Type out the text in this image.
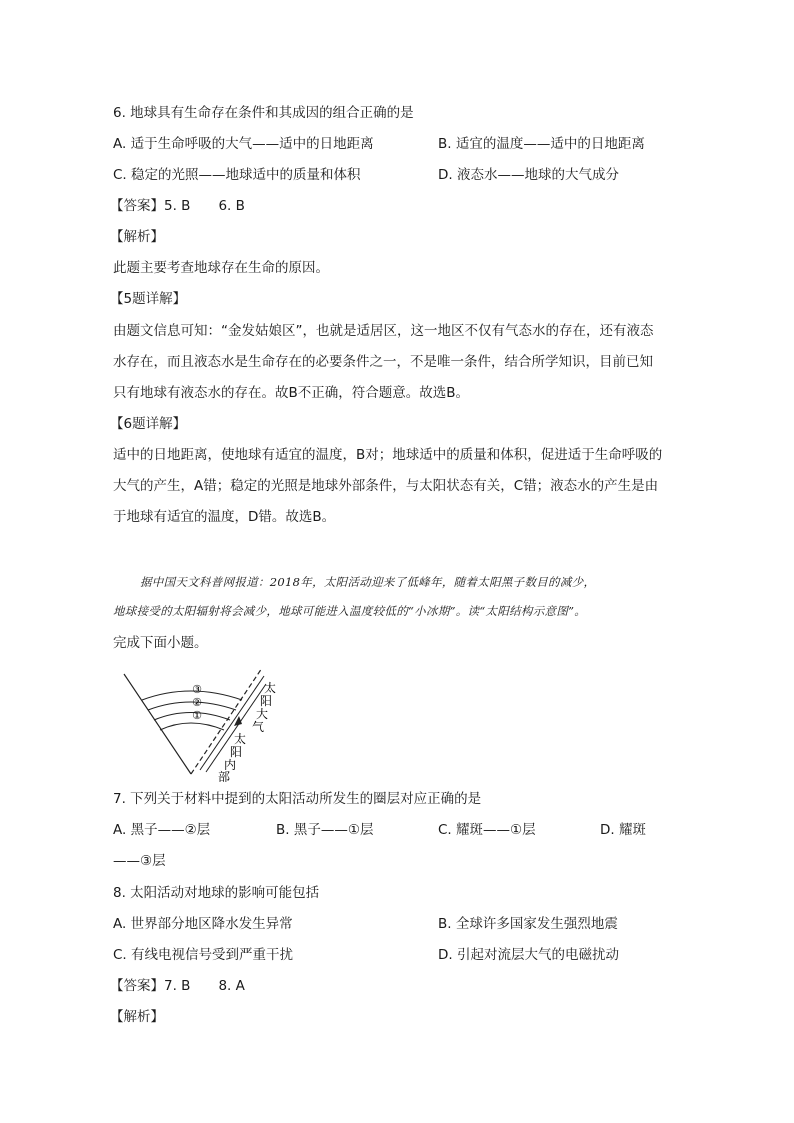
6. 地球具有生命存在条件和其成因的组合正确的是
A. 适于生命呼吸的大气——适中的日地距离	B. 适宜的温度——适中的日地距离
C. 稳定的光照——地球适中的质量和体积	D. 液态水——地球的大气成分
【答案】5. B 6. B
【解析】
此题主要考查地球存在生命的原因。
【5题详解】
由题文信息可知：“金发姑娘区”，也就是适居区，这一地区不仅有气态水的存在，还有液态
水存在，而且液态水是生命存在的必要条件之一，不是唯一条件，结合所学知识，目前已知
只有地球有液态水的存在。故B不正确，符合题意。故选B。
【6题详解】
适中的日地距离，使地球有适宜的温度，B对；地球适中的质量和体积，促进适于生命呼吸的
大气的产生，A错；稳定的光照是地球外部条件，与太阳状态有关，C错；液态水的产生是由
于地球有适宜的温度，D错。故选B。
据中国天文科普网报道：2018年，太阳活动迎来了低峰年，随着太阳黑子数目的减少，
地球接受的太阳辐射将会减少，地球可能进入温度较低的“小冰期”。读“太阳结构示意图”。
完成下面小题。
③
②
①
太
阳
大
气
太
阳
内
部
7. 下列关于材料中提到的太阳活动所发生的圈层对应正确的是
A. 黑子——②层	B. 黑子——①层	C. 耀斑——①层	D. 耀斑
——③层
8. 太阳活动对地球的影响可能包括
A. 世界部分地区降水发生异常	B. 全球许多国家发生强烈地震
C. 有线电视信号受到严重干扰	D. 引起对流层大气的电磁扰动
【答案】7. B 8. A
【解析】
